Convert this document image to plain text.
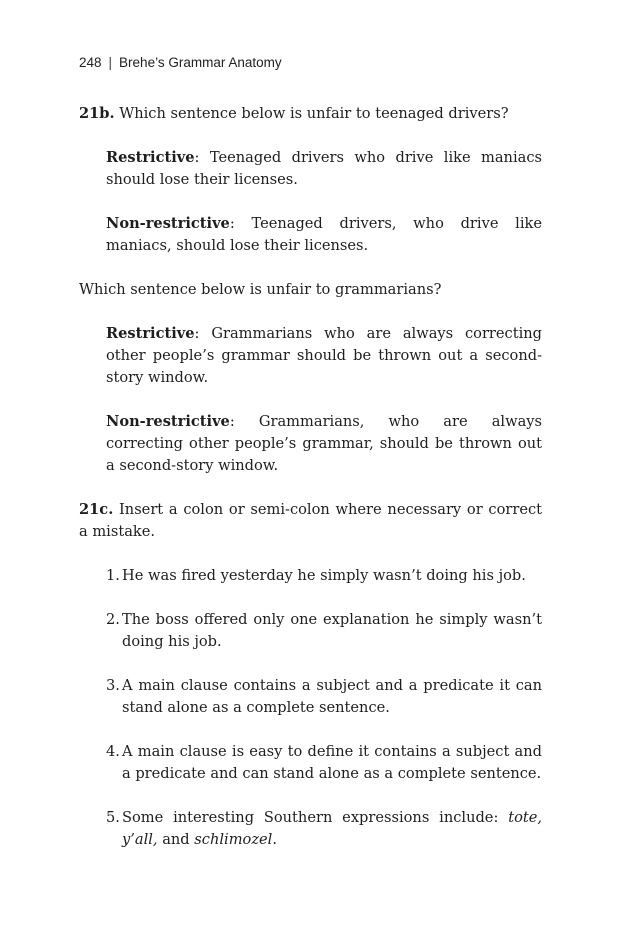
248 | Brehe’s Grammar Anatomy

21b. Which sentence below is unfair to teenaged drivers?

Restrictive: Teenaged drivers who drive like maniacs should lose their licenses.

Non-restrictive: Teenaged drivers, who drive like maniacs, should lose their licenses.

Which sentence below is unfair to grammarians?

Restrictive: Grammarians who are always correcting other people’s grammar should be thrown out a second-story window.

Non-restrictive: Grammarians, who are always correcting other people’s grammar, should be thrown out a second-story window.

21c. Insert a colon or semi-colon where necessary or correct a mistake.

1. He was fired yesterday he simply wasn’t doing his job.
2. The boss offered only one explanation he simply wasn’t doing his job.
3. A main clause contains a subject and a predicate it can stand alone as a complete sentence.
4. A main clause is easy to define it contains a subject and a predicate and can stand alone as a complete sentence.
5. Some interesting Southern expressions include: tote, y’all, and schlimozel.
